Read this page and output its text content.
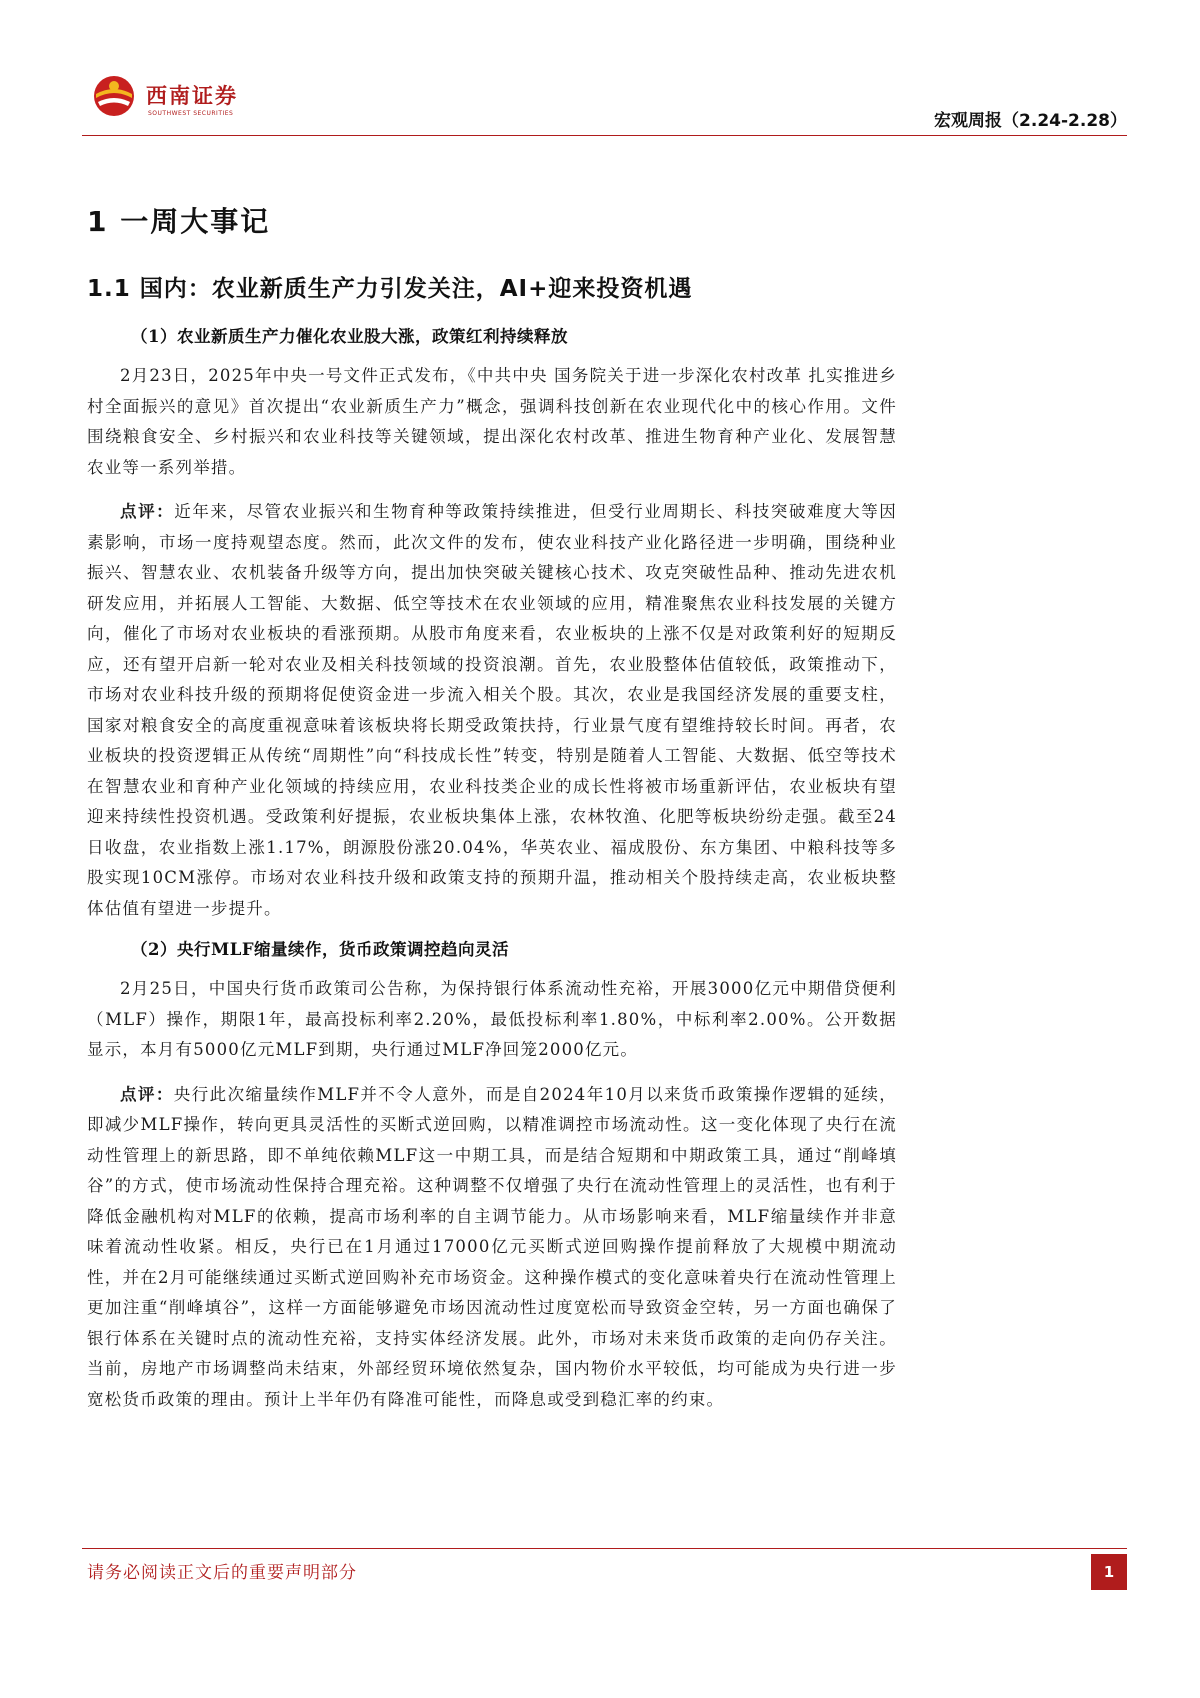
西南证券
SOUTHWEST SECURITIES	宏观周报（2.24-2.28）
1 一周大事记
1.1 国内：农业新质生产力引发关注，AI+迎来投资机遇
（1）农业新质生产力催化农业股大涨，政策红利持续释放

2月23日，2025年中央一号文件正式发布，《中共中央 国务院关于进一步深化农村改革 扎实推进乡村全面振兴的意见》首次提出“农业新质生产力”概念，强调科技创新在农业现代化中的核心作用。文件围绕粮食安全、乡村振兴和农业科技等关键领域，提出深化农村改革、推进生物育种产业化、发展智慧农业等一系列举措。

点评：近年来，尽管农业振兴和生物育种等政策持续推进，但受行业周期长、科技突破难度大等因素影响，市场一度持观望态度。然而，此次文件的发布，使农业科技产业化路径进一步明确，围绕种业振兴、智慧农业、农机装备升级等方向，提出加快突破关键核心技术、攻克突破性品种、推动先进农机研发应用，并拓展人工智能、大数据、低空等技术在农业领域的应用，精准聚焦农业科技发展的关键方向，催化了市场对农业板块的看涨预期。从股市角度来看，农业板块的上涨不仅是对政策利好的短期反应，还有望开启新一轮对农业及相关科技领域的投资浪潮。首先，农业股整体估值较低，政策推动下，市场对农业科技升级的预期将促使资金进一步流入相关个股。其次，农业是我国经济发展的重要支柱，国家对粮食安全的高度重视意味着该板块将长期受政策扶持，行业景气度有望维持较长时间。再者，农业板块的投资逻辑正从传统“周期性”向“科技成长性”转变，特别是随着人工智能、大数据、低空等技术在智慧农业和育种产业化领域的持续应用，农业科技类企业的成长性将被市场重新评估，农业板块有望迎来持续性投资机遇。受政策利好提振，农业板块集体上涨，农林牧渔、化肥等板块纷纷走强。截至24日收盘，农业指数上涨1.17%，朗源股份涨20.04%，华英农业、福成股份、东方集团、中粮科技等多股实现10CM涨停。市场对农业科技升级和政策支持的预期升温，推动相关个股持续走高，农业板块整体估值有望进一步提升。

（2）央行MLF缩量续作，货币政策调控趋向灵活

2月25日，中国央行货币政策司公告称，为保持银行体系流动性充裕，开展3000亿元中期借贷便利（MLF）操作，期限1年，最高投标利率2.20%，最低投标利率1.80%，中标利率2.00%。公开数据显示，本月有5000亿元MLF到期，央行通过MLF净回笼2000亿元。

点评：央行此次缩量续作MLF并不令人意外，而是自2024年10月以来货币政策操作逻辑的延续，即减少MLF操作，转向更具灵活性的买断式逆回购，以精准调控市场流动性。这一变化体现了央行在流动性管理上的新思路，即不单纯依赖MLF这一中期工具，而是结合短期和中期政策工具，通过“削峰填谷”的方式，使市场流动性保持合理充裕。这种调整不仅增强了央行在流动性管理上的灵活性，也有利于降低金融机构对MLF的依赖，提高市场利率的自主调节能力。从市场影响来看，MLF缩量续作并非意味着流动性收紧。相反，央行已在1月通过17000亿元买断式逆回购操作提前释放了大规模中期流动性，并在2月可能继续通过买断式逆回购补充市场资金。这种操作模式的变化意味着央行在流动性管理上更加注重“削峰填谷”，这样一方面能够避免市场因流动性过度宽松而导致资金空转，另一方面也确保了银行体系在关键时点的流动性充裕，支持实体经济发展。此外，市场对未来货币政策的走向仍存关注。当前，房地产市场调整尚未结束，外部经贸环境依然复杂，国内物价水平较低，均可能成为央行进一步宽松货币政策的理由。预计上半年仍有降准可能性，而降息或受到稳汇率的约束。

请务必阅读正文后的重要声明部分	1
